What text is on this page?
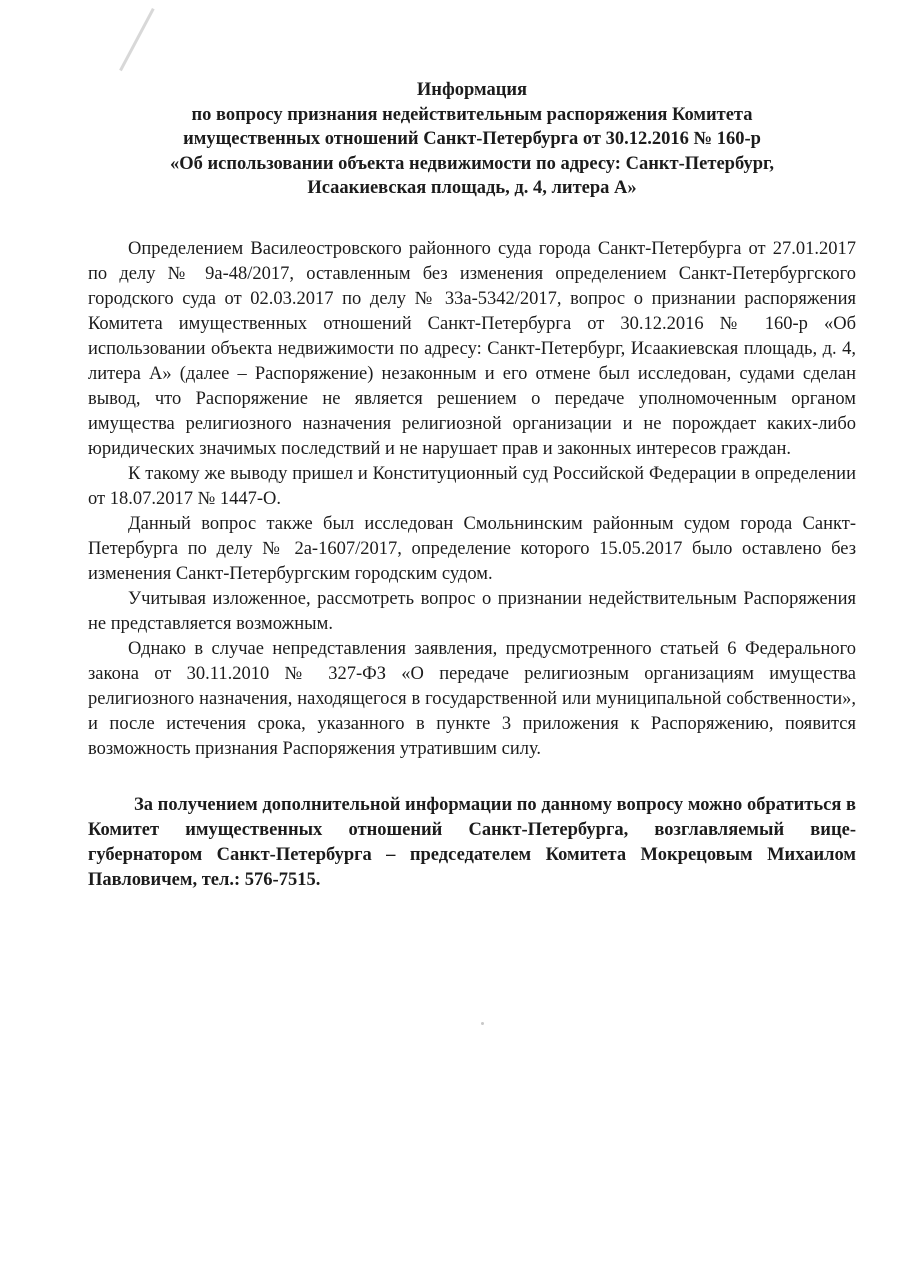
Информация
по вопросу признания недействительным распоряжения Комитета
имущественных отношений Санкт-Петербурга от 30.12.2016 № 160-р
«Об использовании объекта недвижимости по адресу: Санкт-Петербург,
Исаакиевская площадь, д. 4, литера А»

Определением Василеостровского районного суда города Санкт-Петербурга от 27.01.2017 по делу № 9а-48/2017, оставленным без изменения определением Санкт-Петербургского городского суда от 02.03.2017 по делу № 33а-5342/2017, вопрос о признании распоряжения Комитета имущественных отношений Санкт-Петербурга от 30.12.2016 № 160-р «Об использовании объекта недвижимости по адресу: Санкт-Петербург, Исаакиевская площадь, д. 4, литера А» (далее – Распоряжение) незаконным и его отмене был исследован, судами сделан вывод, что Распоряжение не является решением о передаче уполномоченным органом имущества религиозного назначения религиозной организации и не порождает каких-либо юридических значимых последствий и не нарушает прав и законных интересов граждан.

К такому же выводу пришел и Конституционный суд Российской Федерации в определении от 18.07.2017 № 1447-О.

Данный вопрос также был исследован Смольнинским районным судом города Санкт-Петербурга по делу № 2а-1607/2017, определение которого 15.05.2017 было оставлено без изменения Санкт-Петербургским городским судом.

Учитывая изложенное, рассмотреть вопрос о признании недействительным Распоряжения не представляется возможным.

Однако в случае непредставления заявления, предусмотренного статьей 6 Федерального закона от 30.11.2010 № 327-ФЗ «О передаче религиозным организациям имущества религиозного назначения, находящегося в государственной или муниципальной собственности», и после истечения срока, указанного в пункте 3 приложения к Распоряжению, появится возможность признания Распоряжения утратившим силу.

За получением дополнительной информации по данному вопросу можно обратиться в Комитет имущественных отношений Санкт-Петербурга, возглавляемый вице-губернатором Санкт-Петербурга – председателем Комитета Мокрецовым Михаилом Павловичем, тел.: 576-7515.
